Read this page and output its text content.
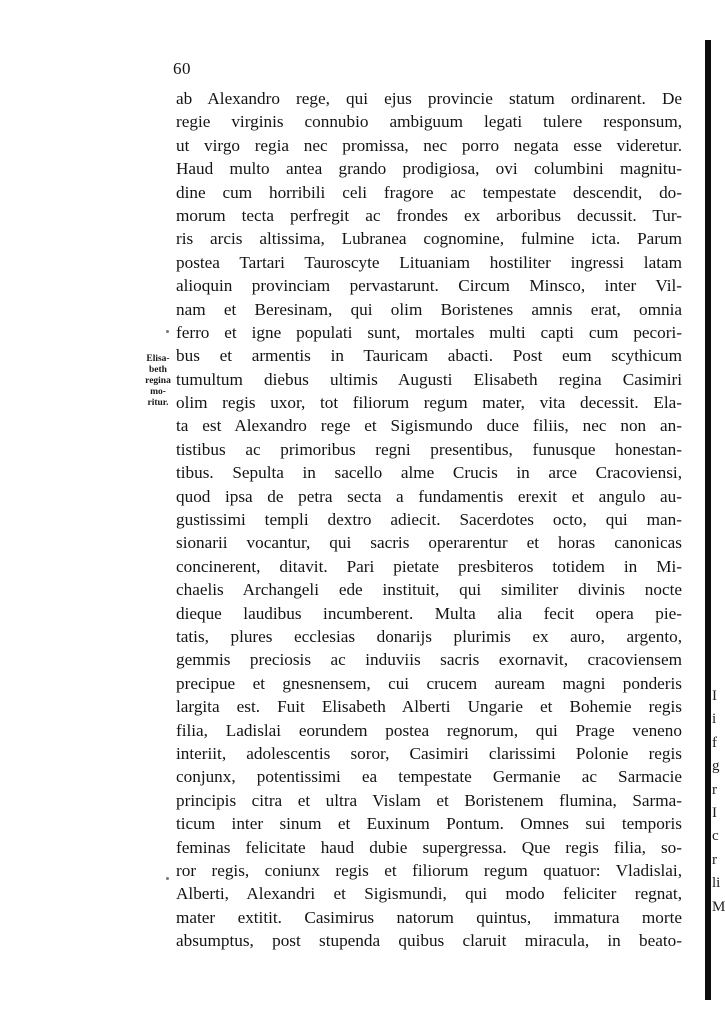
60
ab Alexandro rege, qui ejus provincie statum ordinarent. De
regie virginis connubio ambiguum legati tulere responsum,
ut virgo regia nec promissa, nec porro negata esse videretur.
Haud multo antea grando prodigiosa, ovi columbini magnitu-
dine cum horribili celi fragore ac tempestate descendit, do-
morum tecta perfregit ac frondes ex arboribus decussit. Tur-
ris arcis altissima, Lubranea cognomine, fulmine icta. Parum
postea Tartari Tauroscyte Lituaniam hostiliter ingressi latam
alioquin provinciam pervastarunt. Circum Minsco, inter Vil-
nam et Beresinam, qui olim Boristenes amnis erat, omnia
ferro et igne populati sunt, mortales multi capti cum pecori-
bus et armentis in Tauricam abacti. Post eum scythicum
tumultum diebus ultimis Augusti Elisabeth regina Casimiri
olim regis uxor, tot filiorum regum mater, vita decessit. Ela-
ta est Alexandro rege et Sigismundo duce filiis, nec non an-
tistibus ac primoribus regni presentibus, funusque honestan-
tibus. Sepulta in sacello alme Crucis in arce Cracoviensi,
quod ipsa de petra secta a fundamentis erexit et angulo au-
gustissimi templi dextro adiecit. Sacerdotes octo, qui man-
sionarii vocantur, qui sacris operarentur et horas canonicas
concinerent, ditavit. Pari pietate presbiteros totidem in Mi-
chaelis Archangeli ede instituit, qui similiter divinis nocte
dieque laudibus incumberent. Multa alia fecit opera pie-
tatis, plures ecclesias donarijs plurimis ex auro, argento,
gemmis preciosis ac induviis sacris exornavit, cracoviensem
precipue et gnesnensem, cui crucem auream magni ponderis
largita est. Fuit Elisabeth Alberti Ungarie et Bohemie regis
filia, Ladislai eorundem postea regnorum, qui Prage veneno
interiit, adolescentis soror, Casimiri clarissimi Polonie regis
conjunx, potentissimi ea tempestate Germanie ac Sarmacie
principis citra et ultra Vislam et Boristenem flumina, Sarma-
ticum inter sinum et Euxinum Pontum. Omnes sui temporis
feminas felicitate haud dubie supergressa. Que regis filia, so-
ror regis, coniunx regis et filiorum regum quatuor: Vladislai,
Alberti, Alexandri et Sigismundi, qui modo feliciter regnat,
mater extitit. Casimirus natorum quintus, immatura morte
absumptus, post stupenda quibus claruit miracula, in beato-
Elisa-
beth
regina
mo-
ritur.
I
i
f
g
r
I
c
r
li
M
